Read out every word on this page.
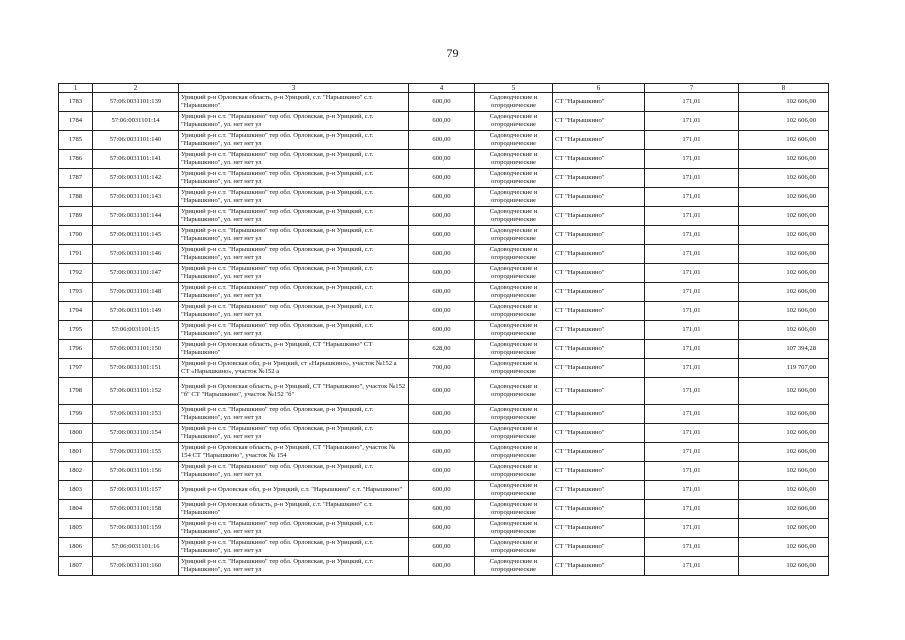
79
1	2	3	4	5	6	7	8
1783	57:06:0031101:139	Урицкий р-н Орловская область, р-н Урицкий, с.т. "Нарышкино" с.т. "Нарышкино"	600,00	Садоводческие и огороднические	СТ "Нарышкино"	171,01	102 606,00
1784	57:06:0031101:14	Урицкий р-н с.т. "Нарышкино" тер обл. Орловская, р-н Урицкий, с.т. "Нарышкино", ул. нет нет ул	600,00	Садоводческие и огороднические	СТ "Нарышкино"	171,01	102 606,00
1785	57:06:0031101:140	Урицкий р-н с.т. "Нарышкино" тер обл. Орловская, р-н Урицкий, с.т. "Нарышкино", ул. нет нет ул	600,00	Садоводческие и огороднические	СТ "Нарышкино"	171,01	102 606,00
1786	57:06:0031101:141	Урицкий р-н с.т. "Нарышкино" тер обл. Орловская, р-н Урицкий, с.т. "Нарышкино", ул. нет нет ул	600,00	Садоводческие и огороднические	СТ "Нарышкино"	171,01	102 606,00
1787	57:06:0031101:142	Урицкий р-н с.т. "Нарышкино" тер обл. Орловская, р-н Урицкий, с.т. "Нарышкино", ул. нет нет ул	600,00	Садоводческие и огороднические	СТ "Нарышкино"	171,01	102 606,00
1788	57:06:0031101:143	Урицкий р-н с.т. "Нарышкино" тер обл. Орловская, р-н Урицкий, с.т. "Нарышкино", ул. нет нет ул	600,00	Садоводческие и огороднические	СТ "Нарышкино"	171,01	102 606,00
1789	57:06:0031101:144	Урицкий р-н с.т. "Нарышкино" тер обл. Орловская, р-н Урицкий, с.т. "Нарышкино", ул. нет нет ул	600,00	Садоводческие и огороднические	СТ "Нарышкино"	171,01	102 606,00
1790	57:06:0031101:145	Урицкий р-н с.т. "Нарышкино" тер обл. Орловская, р-н Урицкий, с.т. "Нарышкино", ул. нет нет ул	600,00	Садоводческие и огороднические	СТ "Нарышкино"	171,01	102 606,00
1791	57:06:0031101:146	Урицкий р-н с.т. "Нарышкино" тер обл. Орловская, р-н Урицкий, с.т. "Нарышкино", ул. нет нет ул	600,00	Садоводческие и огороднические	СТ "Нарышкино"	171,01	102 606,00
1792	57:06:0031101:147	Урицкий р-н с.т. "Нарышкино" тер обл. Орловская, р-н Урицкий, с.т. "Нарышкино", ул. нет нет ул	600,00	Садоводческие и огороднические	СТ "Нарышкино"	171,01	102 606,00
1793	57:06:0031101:148	Урицкий р-н с.т. "Нарышкино" тер обл. Орловская, р-н Урицкий, с.т. "Нарышкино", ул. нет нет ул	600,00	Садоводческие и огороднические	СТ "Нарышкино"	171,01	102 606,00
1794	57:06:0031101:149	Урицкий р-н с.т. "Нарышкино" тер обл. Орловская, р-н Урицкий, с.т. "Нарышкино", ул. нет нет ул	600,00	Садоводческие и огороднические	СТ "Нарышкино"	171,01	102 606,00
1795	57:06:0031101:15	Урицкий р-н с.т. "Нарышкино" тер обл. Орловская, р-н Урицкий, с.т. "Нарышкино", ул. нет нет ул	600,00	Садоводческие и огороднические	СТ "Нарышкино"	171,01	102 606,00
1796	57:06:0031101:150	Урицкий р-н Орловская область, р-н Урицкий, СТ "Нарышкино" СТ "Нарышкино"	628,00	Садоводческие и огороднические	СТ "Нарышкино"	171,01	107 394,28
1797	57:06:0031101:151	Урицкий р-н Орловская обл, р-н Урицкий, ст «Нарышкино», участок №152 а СТ «Нарышкино», участок №152 а	700,00	Садоводческие и огороднические	СТ "Нарышкино"	171,01	119 707,00
1798	57:06:0031101:152	Урицкий р-н Орловская область, р-н Урицкий, СТ "Нарышкино", участок №152 "б" СТ "Нарышкино", участок №152 "б"	600,00	Садоводческие и огороднические	СТ "Нарышкино"	171,01	102 606,00
1799	57:06:0031101:153	Урицкий р-н с.т. "Нарышкино" тер обл. Орловская, р-н Урицкий, с.т. "Нарышкино", ул. нет нет ул	600,00	Садоводческие и огороднические	СТ "Нарышкино"	171,01	102 606,00
1800	57:06:0031101:154	Урицкий р-н с.т. "Нарышкино" тер обл. Орловская, р-н Урицкий, с.т. "Нарышкино", ул. нет нет ул	600,00	Садоводческие и огороднические	СТ "Нарышкино"	171,01	102 606,00
1801	57:06:0031101:155	Урицкий р-н Орловская область, р-н Урицкий, СТ "Нарышкино", участок № 154 СТ "Нарышкино", участок № 154	600,00	Садоводческие и огороднические	СТ "Нарышкино"	171,01	102 606,00
1802	57:06:0031101:156	Урицкий р-н с.т. "Нарышкино" тер обл. Орловская, р-н Урицкий, с.т. "Нарышкино", ул. нет нет ул	600,00	Садоводческие и огороднические	СТ "Нарышкино"	171,01	102 606,00
1803	57:06:0031101:157	Урицкий р-н Орловская обл, р-н Урицкий, с.т. "Нарышкино" с.т. "Нарышкино"	600,00	Садоводческие и огороднические	СТ "Нарышкино"	171,01	102 606,00
1804	57:06:0031101:158	Урицкий р-н Орловская область, р-н Урицкий, с.т. "Нарышкино" с.т. "Нарышкино"	600,00	Садоводческие и огороднические	СТ "Нарышкино"	171,01	102 606,00
1805	57:06:0031101:159	Урицкий р-н с.т. "Нарышкино" тер обл. Орловская, р-н Урицкий, с.т. "Нарышкино", ул. нет нет ул	600,00	Садоводческие и огороднические	СТ "Нарышкино"	171,01	102 606,00
1806	57:06:0031101:16	Урицкий р-н с.т. "Нарышкино" тер обл. Орловская, р-н Урицкий, с.т. "Нарышкино", ул. нет нет ул	600,00	Садоводческие и огороднические	СТ "Нарышкино"	171,01	102 606,00
1807	57:06:0031101:160	Урицкий р-н с.т. "Нарышкино" тер обл. Орловская, р-н Урицкий, с.т. "Нарышкино", ул. нет нет ул	600,00	Садоводческие и огороднические	СТ "Нарышкино"	171,01	102 606,00
